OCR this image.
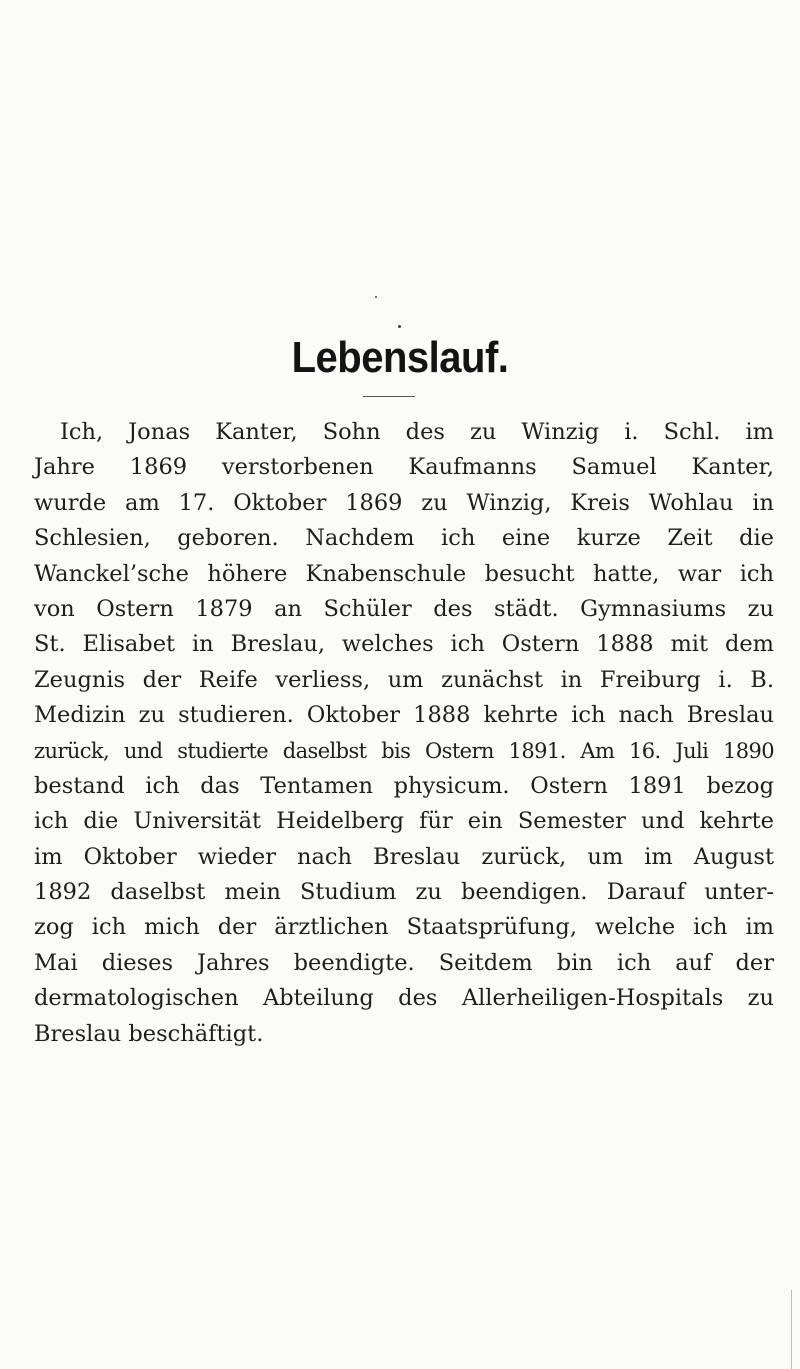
Lebenslauf.
Ich, Jonas Kanter, Sohn des zu Winzig i. Schl. im
Jahre 1869 verstorbenen Kaufmanns Samuel Kanter,
wurde am 17. Oktober 1869 zu Winzig, Kreis Wohlau in
Schlesien, geboren. Nachdem ich eine kurze Zeit die
Wanckel’sche höhere Knabenschule besucht hatte, war ich
von Ostern 1879 an Schüler des städt. Gymnasiums zu
St. Elisabet in Breslau, welches ich Ostern 1888 mit dem
Zeugnis der Reife verliess, um zunächst in Freiburg i. B.
Medizin zu studieren. Oktober 1888 kehrte ich nach Breslau
zurück, und studierte daselbst bis Ostern 1891. Am 16. Juli 1890
bestand ich das Tentamen physicum. Ostern 1891 bezog
ich die Universität Heidelberg für ein Semester und kehrte
im Oktober wieder nach Breslau zurück, um im August
1892 daselbst mein Studium zu beendigen. Darauf unter-
zog ich mich der ärztlichen Staatsprüfung, welche ich im
Mai dieses Jahres beendigte. Seitdem bin ich auf der
dermatologischen Abteilung des Allerheiligen-Hospitals zu
Breslau beschäftigt.
